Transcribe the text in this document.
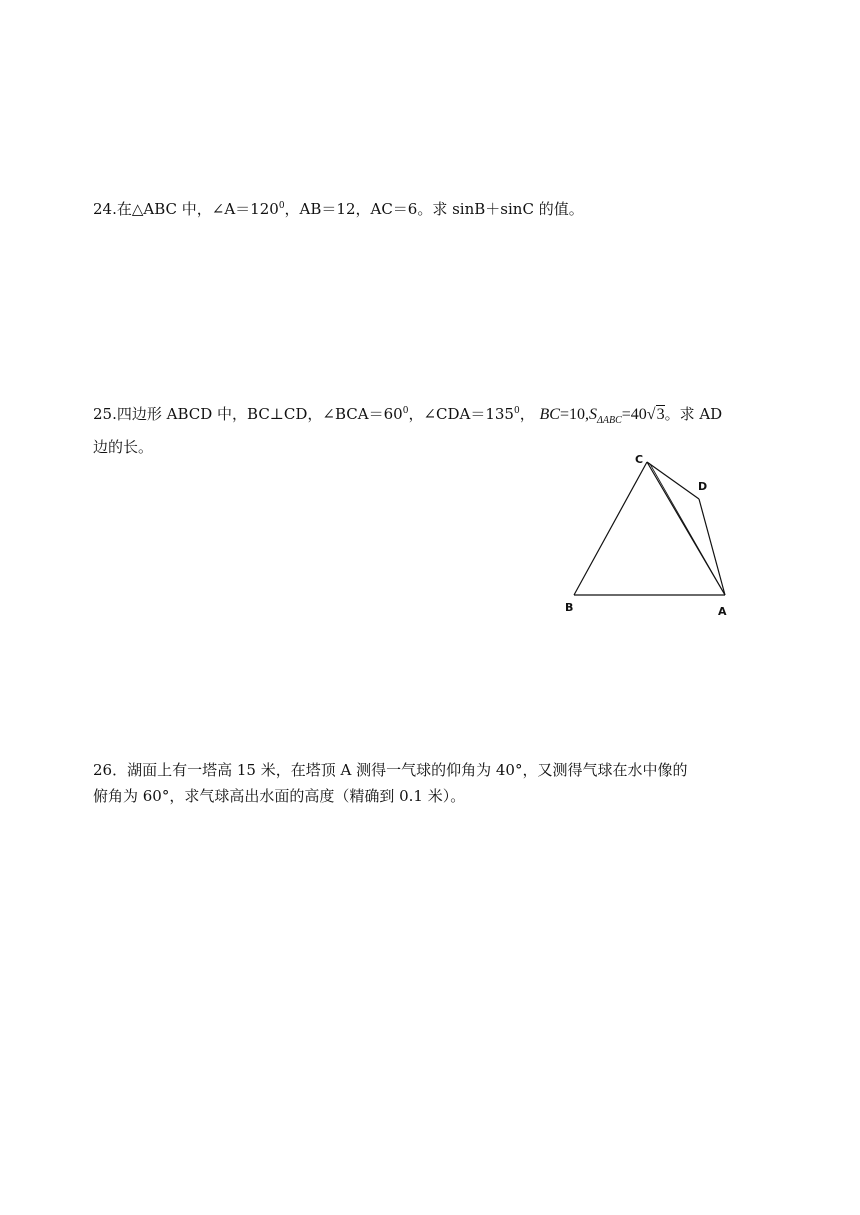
24.在△ABC 中，$\angle A=120^0$，AB＝12，AC＝6。求 sinB＋sinC 的值。
25.四边形 ABCD 中，BC⊥CD，$\angle BCA=60^0$，$\angle CDA=135^0$， $BC=10,S_{\Delta ABC}=40√3$。求 AD
边的长。
C
D
B	A
26．湖面上有一塔高 15 米，在塔顶 A 测得一气球的仰角为 40°，又测得气球在水中像的
俯角为 60°，求气球高出水面的高度（精确到 0.1 米）。
